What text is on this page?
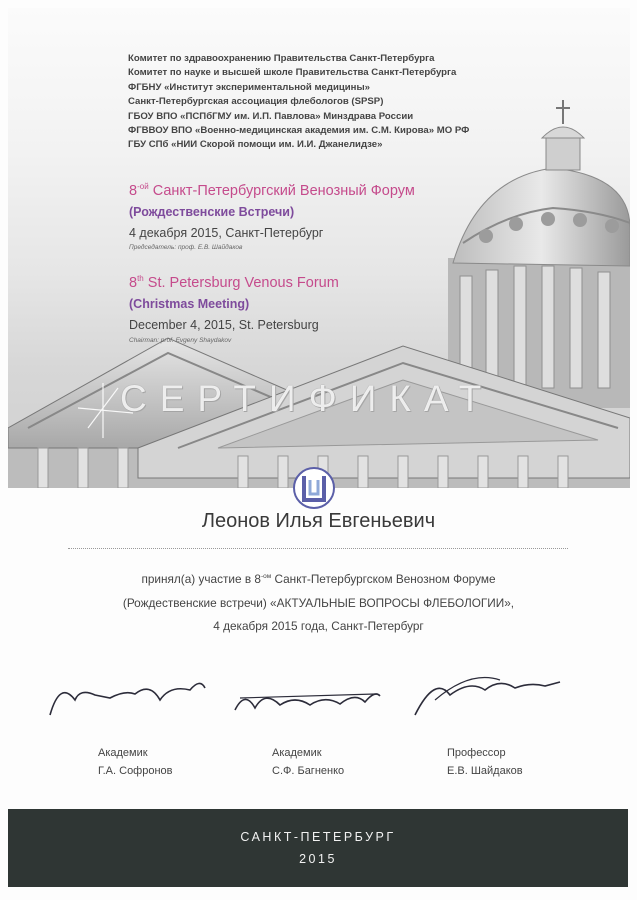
Комитет по здравоохранению Правительства Санкт-Петербурга
Комитет по науке и высшей школе Правительства Санкт-Петербурга
ФГБНУ «Институт экспериментальной медицины»
Санкт-Петербургская ассоциация флебологов (SPSP)
ГБОУ ВПО «ПСПбГМУ им. И.П. Павлова» Минздрава России
ФГВВОУ ВПО «Военно-медицинская академия им. С.М. Кирова» МО РФ
ГБУ СПб «НИИ Скорой помощи им. И.И. Джанелидзе»
$8^{-ой}$ Санкт-Петербургский Венозный Форум
(Рождественские Встречи)
4 декабря 2015, Санкт-Петербург
Председатель: проф. Е.В. Шайдаков
8th St. Petersburg Venous Forum
(Christmas Meeting)
December 4, 2015, St. Petersburg
Chairman: prof. Evgeny Shaydakov
СЕРТИФИКАТ
Леонов Илья Евгеньевич
принял(а) участие в $8^{-ом}$ Санкт-Петербургском Венозном Форуме
(Рождественские встречи) «АКТУАЛЬНЫЕ ВОПРОСЫ ФЛЕБОЛОГИИ»,
4 декабря 2015 года, Санкт-Петербург
Академик
Г.А. Софронов
Академик
С.Ф. Багненко
Профессор
Е.В. Шайдаков
САНКТ-ПЕТЕРБУРГ
2015
